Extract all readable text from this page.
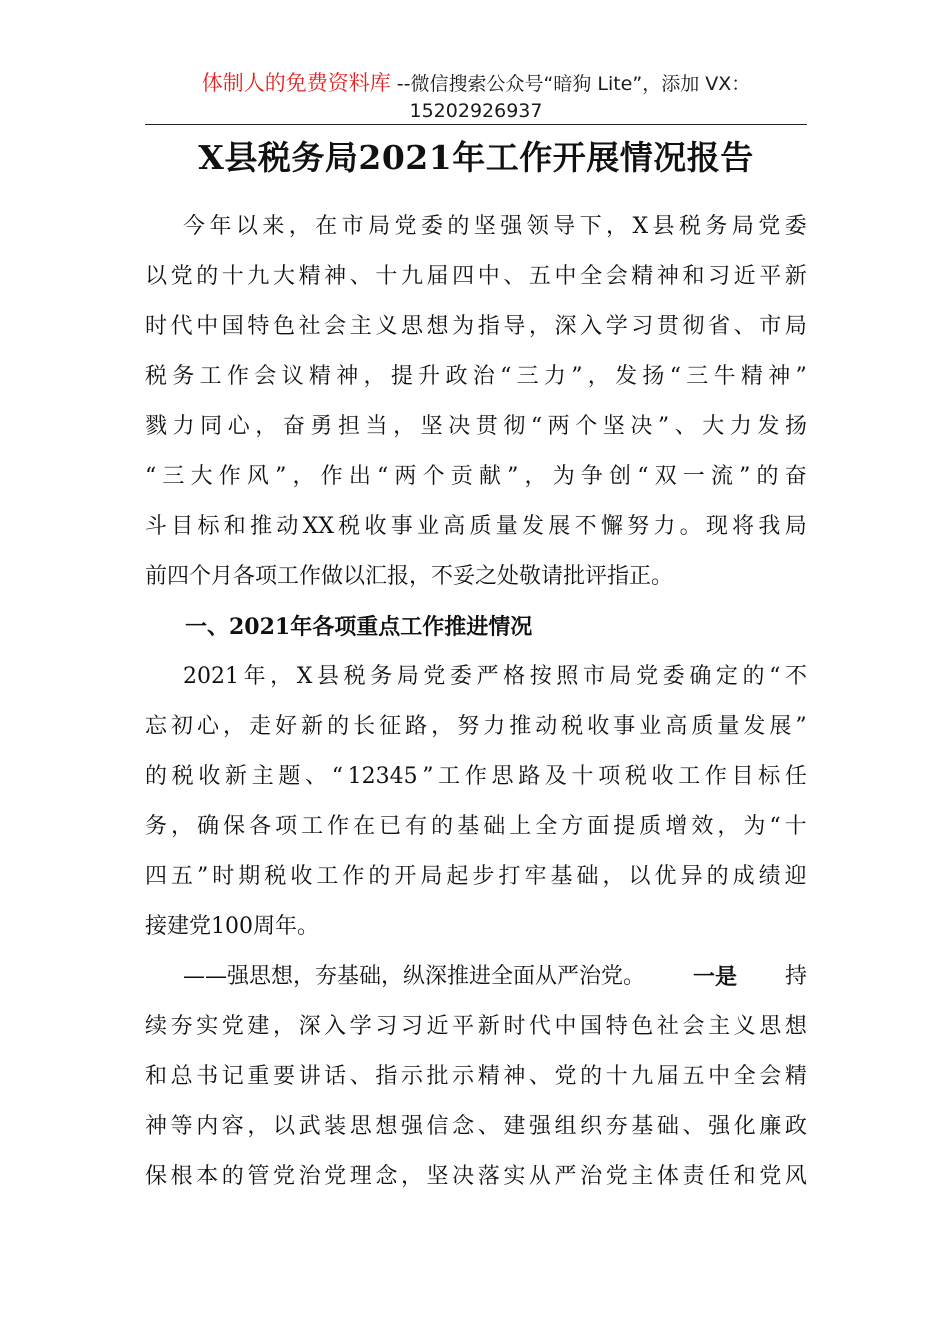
体制人的免费资料库 --微信搜索公众号“暗狗 Lite”，添加 VX：
15202926937
X县税务局2021年工作开展情况报告
今 年 以 来 ， 在 市 局 党 委 的 坚 强 领 导 下 ， X 县 税 务 局 党 委
以 党 的 十 九 大 精 神 、 十 九 届 四 中 、 五 中 全 会 精 神 和 习 近 平 新
时 代 中 国 特 色 社 会 主 义 思 想 为 指 导 ， 深 入 学 习 贯 彻 省 、 市 局
税 务 工 作 会 议 精 神 ， 提 升 政 治 “ 三 力 ” ， 发 扬 “ 三 牛 精 神 ”
戮 力 同 心 ， 奋 勇 担 当 ， 坚 决 贯 彻 “ 两 个 坚 决 ” 、 大 力 发 扬
“ 三 大 作 风 ” ， 作 出 “ 两 个 贡 献 ” ， 为 争 创 “ 双 一 流 ” 的 奋
斗 目 标 和 推 动 XX 税 收 事 业 高 质 量 发 展 不 懈 努 力 。 现 将 我 局
前四个月各项工作做以汇报，不妥之处敬请批评指正。
一、2021年各项重点工作推进情况
2021 年 ， X 县 税 务 局 党 委 严 格 按 照 市 局 党 委 确 定 的 “ 不
忘 初 心 ， 走 好 新 的 长 征 路 ， 努 力 推 动 税 收 事 业 高 质 量 发 展 ”
的 税 收 新 主 题 、 “ 12345 ” 工 作 思 路 及 十 项 税 收 工 作 目 标 任
务 ， 确 保 各 项 工 作 在 已 有 的 基 础 上 全 方 面 提 质 增 效 ， 为 “ 十
四 五 ” 时 期 税 收 工 作 的 开 局 起 步 打 牢 基 础 ， 以 优 异 的 成 绩 迎
接建党100周年。
——强思想，夯基础，纵深推进全面从严治党。 一是 持
续 夯 实 党 建 ， 深 入 学 习 习 近 平 新 时 代 中 国 特 色 社 会 主 义 思 想
和 总 书 记 重 要 讲 话 、 指 示 批 示 精 神 、 党 的 十 九 届 五 中 全 会 精
神 等 内 容 ， 以 武 装 思 想 强 信 念 、 建 强 组 织 夯 基 础 、 强 化 廉 政
保 根 本 的 管 党 治 党 理 念 ， 坚 决 落 实 从 严 治 党 主 体 责 任 和 党 风
